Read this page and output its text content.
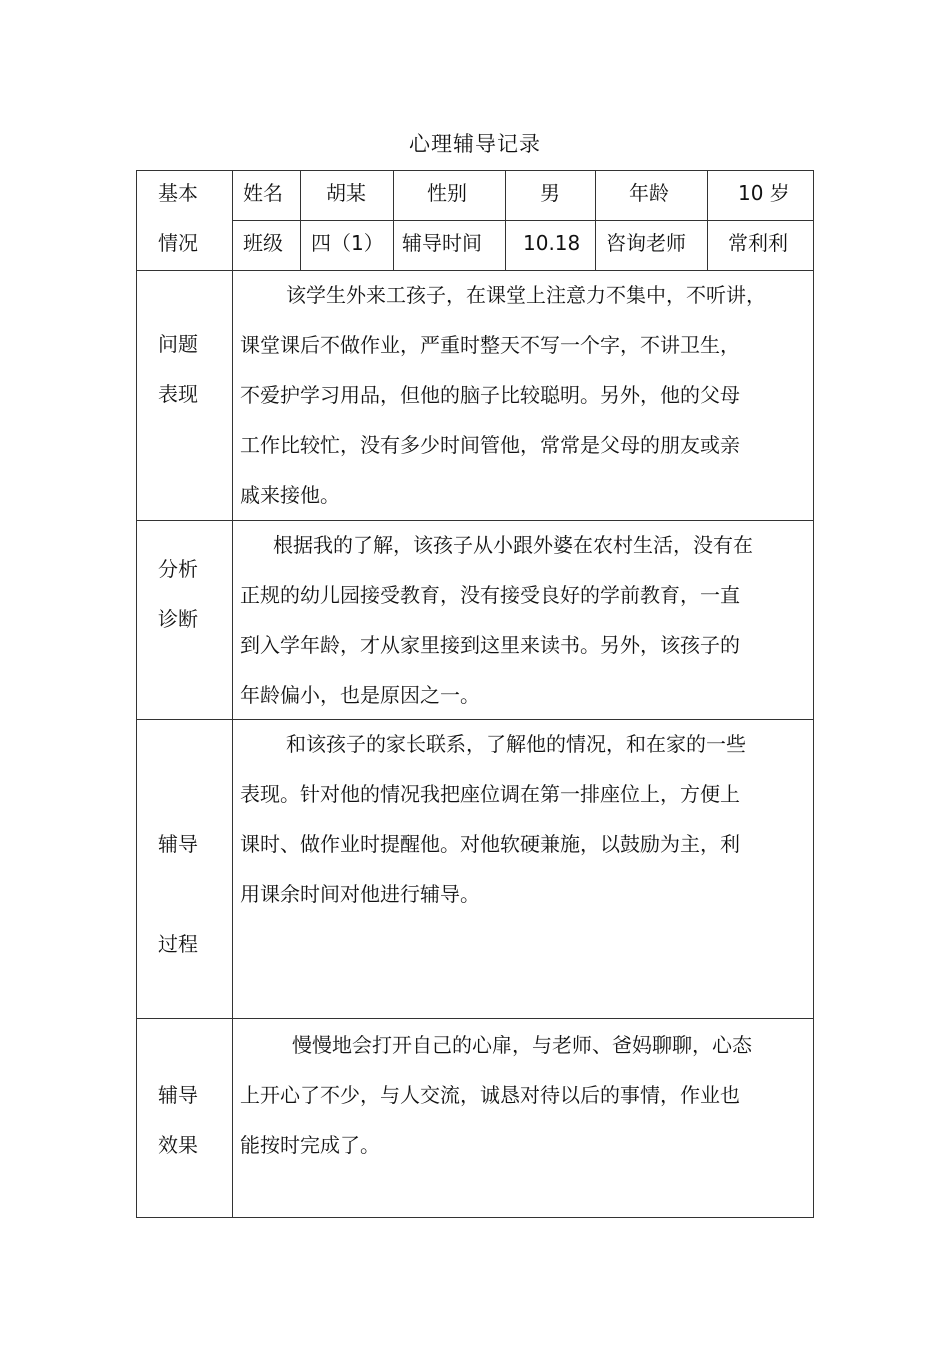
心理辅导记录
基本
情况
姓名 胡某	性别	男	年龄	10 岁
班级 四（1） 辅导时间 10.18 咨询老师 常利利
问题
表现
该学生外来工孩子，在课堂上注意力不集中，不听讲，
课堂课后不做作业，严重时整天不写一个字，不讲卫生，
不爱护学习用品，但他的脑子比较聪明。另外，他的父母
工作比较忙，没有多少时间管他，常常是父母的朋友或亲
戚来接他。
分析
诊断
根据我的了解，该孩子从小跟外婆在农村生活，没有在
正规的幼儿园接受教育，没有接受良好的学前教育，一直
到入学年龄，才从家里接到这里来读书。另外，该孩子的
年龄偏小，也是原因之一。
辅导
过程
和该孩子的家长联系，了解他的情况，和在家的一些
表现。针对他的情况我把座位调在第一排座位上，方便上
课时、做作业时提醒他。对他软硬兼施，以鼓励为主，利
用课余时间对他进行辅导。
辅导
效果
慢慢地会打开自己的心扉，与老师、爸妈聊聊，心态
上开心了不少，与人交流，诚恳对待以后的事情，作业也
能按时完成了。
